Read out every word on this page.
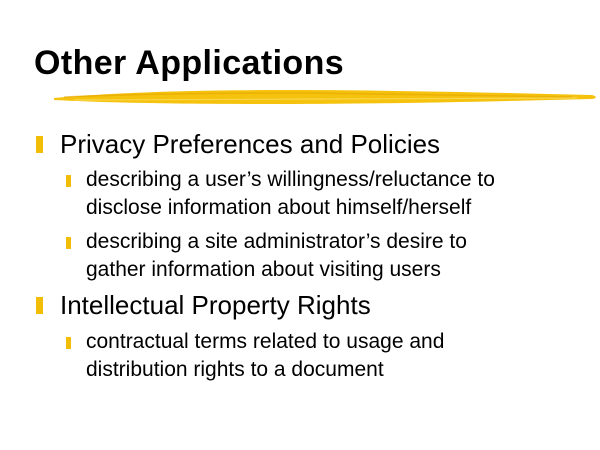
Other Applications
Privacy Preferences and Policies
describing a user’s willingness/reluctance to
disclose information about himself/herself
describing a site administrator’s desire to
gather information about visiting users
Intellectual Property Rights
contractual terms related to usage and
distribution rights to a document
